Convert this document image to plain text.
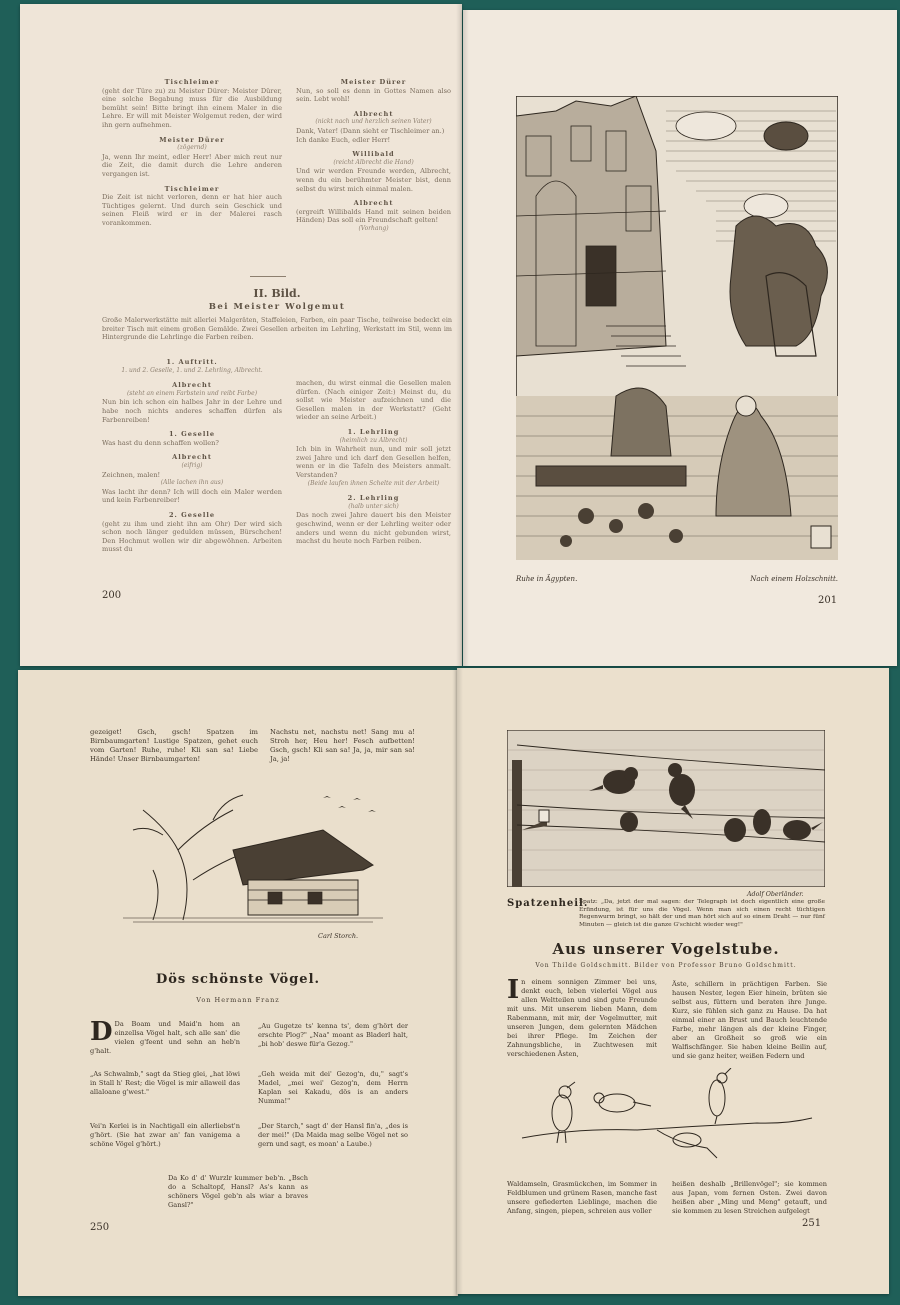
Tischleimer

(geht der Türe zu) zu Meister Dürer: Meister Dürer, eine solche Begabung muss für die Ausbildung bemüht sein! Bitte bringt ihn einem Maler in die Lehre. Er will mit Meister Wolgemut reden, der wird ihn gern aufnehmen.

Meister Dürer
(zögernd)

Ja, wenn Ihr meint, edler Herr! Aber mich reut nur die Zeit, die damit durch die Lehre anderen vergangen ist.

Tischleimer

Die Zeit ist nicht verloren, denn er hat hier auch Tüchtiges gelernt. Und durch sein Geschick und seinen Fleiß wird er in der Malerei rasch vorankommen.

Meister Dürer

Nun, so soll es denn in Gottes Namen also sein. Lebt wohl!

Albrecht
(nickt nach und herzlich seinen Vater)

Dank, Vater! (Dann sieht er Tischleimer an.)

Ich danke Euch, edler Herr!

Willibald
(reicht Albrecht die Hand)

Und wir werden Freunde werden, Albrecht, wenn du ein berühmter Meister bist, denn selbst du wirst mich einmal malen.

Albrecht

(ergreift Willibalds Hand mit seinen beiden Händen) Das soll ein Freundschaft gelten!

(Vorhang)
II. Bild.
Bei Meister Wolgemut
Große Malerwerkstätte mit allerlei Malgeräten, Staffeleien, Farben, ein paar Tische, teilweise bedeckt ein breiter Tisch mit einem großen Gemälde. Zwei Gesellen arbeiten im Lehrling, Werkstatt im Stil, wenn im Hintergrunde die Lehrlinge die Farben reiben.
1. Auftritt.
1. und 2. Geselle, 1. und 2. Lehrling, Albrecht.
Albrecht
(steht an einem Farbstein und reibt Farbe)

Nun bin ich schon ein halbes Jahr in der Lehre und habe noch nichts anderes schaffen dürfen als Farbenreiben!

1. Geselle

Was hast du denn schaffen wollen?

Albrecht
(eifrig)

Zeichnen, malen!

(Alle lachen ihn aus)

Was lacht ihr denn? Ich will doch ein Maler werden und kein Farbenreiber!

2. Geselle

(geht zu ihm und zieht ihn am Ohr) Der wird sich schon noch länger gedulden müssen, Bürschchen! Den Hochmut wollen wir dir abgewöhnen. Arbeiten musst du

machen, du wirst einmal die Gesellen malen dürfen. (Nach einiger Zeit:) Meinst du, du sollst wie Meister aufzeichnen und die Gesellen malen in der Werkstatt? (Geht wieder an seine Arbeit.)

1. Lehrling
(heimlich zu Albrecht)

Ich bin in Wahrheit nun, und mir soll jetzt zwei Jahre und ich darf den Gesellen helfen, wenn er in die Tafeln des Meisters anmalt. Verstanden?

(Beide laufen ihnen Schelte mit der Arbeit)
2. Lehrling
(halb unter sich)

Das noch zwei Jahre dauert bis den Meister geschwind, wenn er der Lehrling weiter oder anders und wenn du nicht gebunden wirst, machst du heute noch Farben reiben.

200
Ruhe in Ägypten.	Nach einem Holzschnitt.
201
gezeiget! Gsch, gsch! Spatzen im Birnbaumgarten! Lustige Spatzen, gehet euch vom Garten! Ruhe, ruhe! Kli san sa! Liebe Hände! Unser Birnbaumgarten!
Nachstu net, nachstu net! Sang mu a! Stroh her, Heu her! Fesch aufbetten! Gsch, gsch! Kli san sa! Ja, ja, mir san sa! Ja, ja!
Carl Storch.
Dös schönste Vögel.
Von Hermann Franz
D Da Boam und Maid'n hom an einzellsa Vögel halt, sch alle san' die vielen g'feent und sehn an heb'n g'halt.
„Au Gugetze ts' kenna ts', dem g'hört der erschte Plog?" „Naa" moant as Bladerl halt, „bi hob' deswe für'a Gezog."
„As Schwalmb," sagt da Stieg glei, „hat löwi in Stall h' Rest; die Vögel is mir allaweil das allaloane g'west."
„Geh weida mit dei' Gezog'n, du," sagt's Madel, „mei wei' Gezog'n, dem Herrn Kaplan sei Kakadu, dös is an anders Numma!"
Vei'n Kerlei is in Nachtigall ein allerliebst'n g'hört. (Sie hat zwar an' fan vanigema a schöne Vögel g'hört.)
„Der Starch," sagt d' der Hansl fin'a, „des is der mei!" (Da Maida mag selbe Vögel net so gern und sagt, es moan' a Laube.)
Da Ko d' d' Wurzlr kummer beb'n. „Bsch do a Schaltopf, Hansl? As's kann as schöners Vögel geb'n als wiar a braves Gansl?"
250
Adolf Oberländer.
Spatzenheil.
Spatz: „Da, jetzt der mal sagen: der Telegraph ist doch eigentlich eine große Erfindung, ist für uns die Vögel. Wenn man sich einen recht tüchtigen Regenwurm bringt, so hält der und man hört sich auf so einem Draht — nur fünf Minuten — gleich ist die ganze G'schicht wieder weg!"
Aus unserer Vogelstube.
Von Thilde Goldschmitt. Bilder von Professor Bruno Goldschmitt.
In einem sonnigen Zimmer bei uns, denkt euch, leben vielerlei Vögel aus allen Weltteilen und sind gute Freunde mit uns. Mit unserem lieben Mann, dem Rabenmann, mit mir, der Vogelmutter, mit unseren Jungen, dem gelernten Mädchen bei ihrer Pflege. Im Zeichen der Zahnungsbliche, in Zuchtwesen mit verschiedenen Ästen,
Äste, schillern in prächtigen Farben. Sie hausen Nester, legen Eier hinein, brüten sie selbst aus, füttern und beraten ihre Junge. Kurz, sie fühlen sich ganz zu Hause. Da hat einmal einer an Brust und Bauch leuchtende Farbe, mehr längen als der kleine Finger, aber an Großheit so groß wie ein Walfischfänger. Sie haben kleine Beilin auf, und sie ganz heiter, weißen Federn und
Waldamseln, Grasmückchen, im Sommer in Feldblumen und grünem Rasen, manche fast unsere gefiederten Lieblinge, machen die Anfang, singen, piepen, schreien aus voller
heißen deshalb „Brillenvögel"; sie kommen aus Japan, vom fernen Osten. Zwei davon heißen aber „Ming und Meng" getauft, und sie kommen zu lesen Streichen aufgelegt
251
